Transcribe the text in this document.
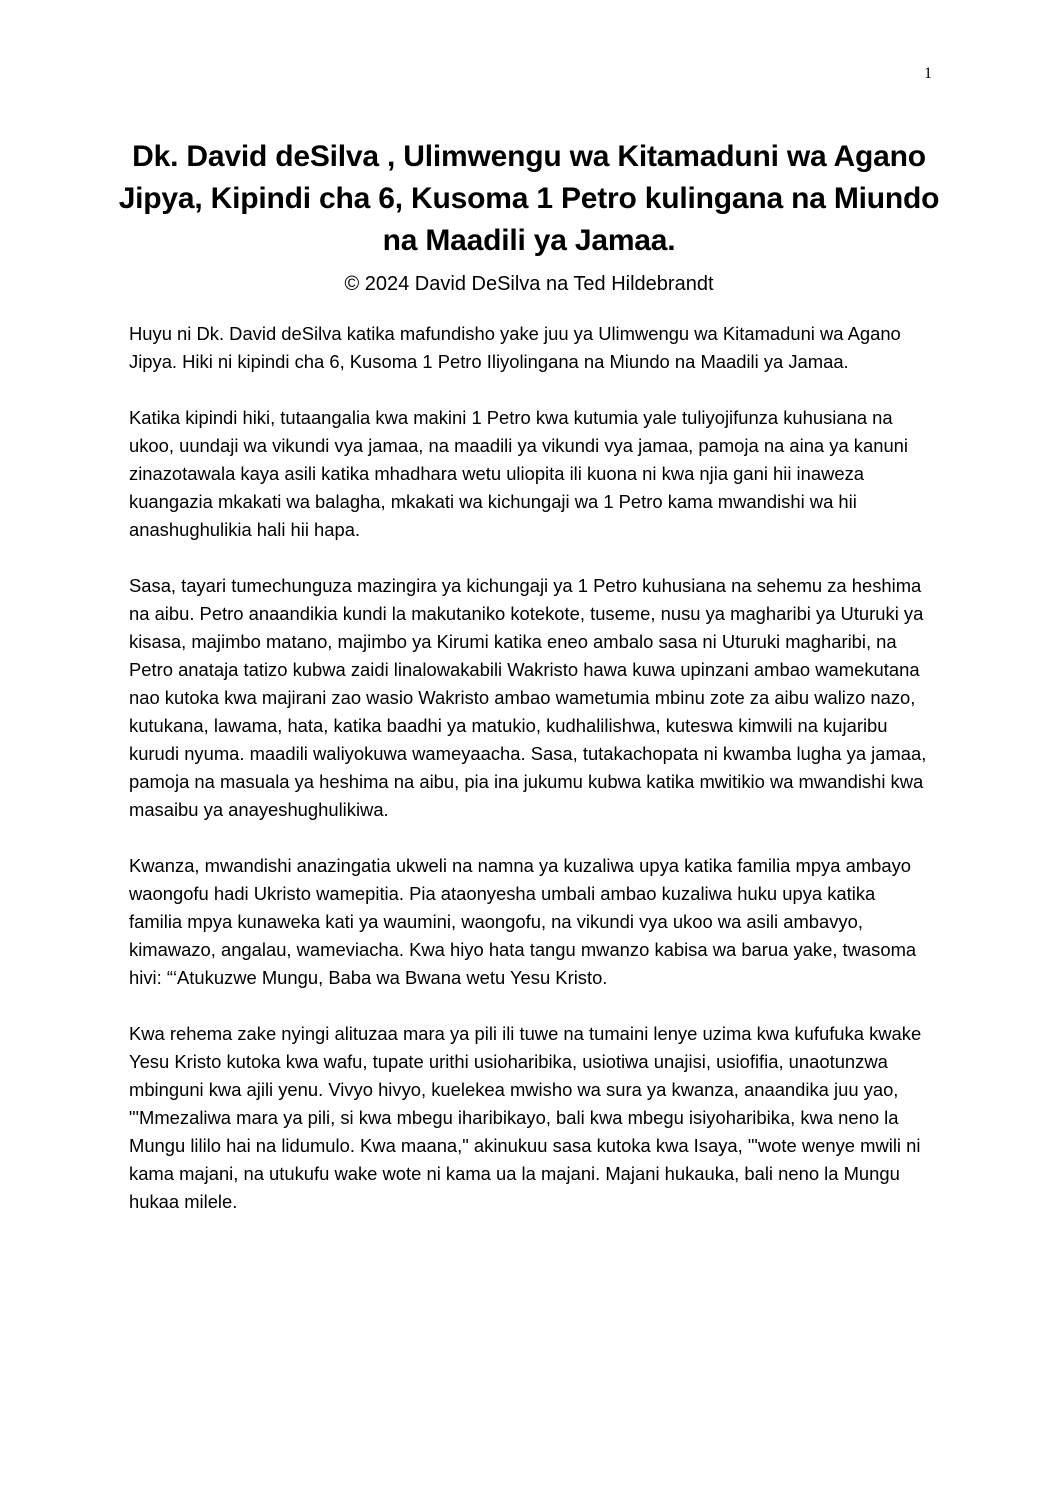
1
Dk. David deSilva , Ulimwengu wa Kitamaduni wa Agano Jipya, Kipindi cha 6, Kusoma 1 Petro kulingana na Miundo na Maadili ya Jamaa.
© 2024 David DeSilva na Ted Hildebrandt

Huyu ni Dk. David deSilva katika mafundisho yake juu ya Ulimwengu wa Kitamaduni wa Agano Jipya. Hiki ni kipindi cha 6, Kusoma 1 Petro Iliyolingana na Miundo na Maadili ya Jamaa.

Katika kipindi hiki, tutaangalia kwa makini 1 Petro kwa kutumia yale tuliyojifunza kuhusiana na ukoo, uundaji wa vikundi vya jamaa, na maadili ya vikundi vya jamaa, pamoja na aina ya kanuni zinazotawala kaya asili katika mhadhara wetu uliopita ili kuona ni kwa njia gani hii inaweza kuangazia mkakati wa balagha, mkakati wa kichungaji wa 1 Petro kama mwandishi wa hii anashughulikia hali hii hapa.

Sasa, tayari tumechunguza mazingira ya kichungaji ya 1 Petro kuhusiana na sehemu za heshima na aibu. Petro anaandikia kundi la makutaniko kotekote, tuseme, nusu ya magharibi ya Uturuki ya kisasa, majimbo matano, majimbo ya Kirumi katika eneo ambalo sasa ni Uturuki magharibi, na Petro anataja tatizo kubwa zaidi linalowakabili Wakristo hawa kuwa upinzani ambao wamekutana nao kutoka kwa majirani zao wasio Wakristo ambao wametumia mbinu zote za aibu walizo nazo, kutukana, lawama, hata, katika baadhi ya matukio, kudhalilishwa, kuteswa kimwili na kujaribu kurudi nyuma. maadili waliyokuwa wameyaacha. Sasa, tutakachopata ni kwamba lugha ya jamaa, pamoja na masuala ya heshima na aibu, pia ina jukumu kubwa katika mwitikio wa mwandishi kwa masaibu ya anayeshughulikiwa.

Kwanza, mwandishi anazingatia ukweli na namna ya kuzaliwa upya katika familia mpya ambayo waongofu hadi Ukristo wamepitia. Pia ataonyesha umbali ambao kuzaliwa huku upya katika familia mpya kunaweka kati ya waumini, waongofu, na vikundi vya ukoo wa asili ambavyo, kimawazo, angalau, wameviacha. Kwa hiyo hata tangu mwanzo kabisa wa barua yake, twasoma hivi: “‘Atukuzwe Mungu, Baba wa Bwana wetu Yesu Kristo.

Kwa rehema zake nyingi alituzaa mara ya pili ili tuwe na tumaini lenye uzima kwa kufufuka kwake Yesu Kristo kutoka kwa wafu, tupate urithi usioharibika, usiotiwa unajisi, usiofifia, unaotunzwa mbinguni kwa ajili yenu. Vivyo hivyo, kuelekea mwisho wa sura ya kwanza, anaandika juu yao, "'Mmezaliwa mara ya pili, si kwa mbegu iharibikayo, bali kwa mbegu isiyoharibika, kwa neno la Mungu lililo hai na lidumulo. Kwa maana," akinukuu sasa kutoka kwa Isaya, "'wote wenye mwili ni kama majani, na utukufu wake wote ni kama ua la majani. Majani hukauka, bali neno la Mungu hukaa milele.
